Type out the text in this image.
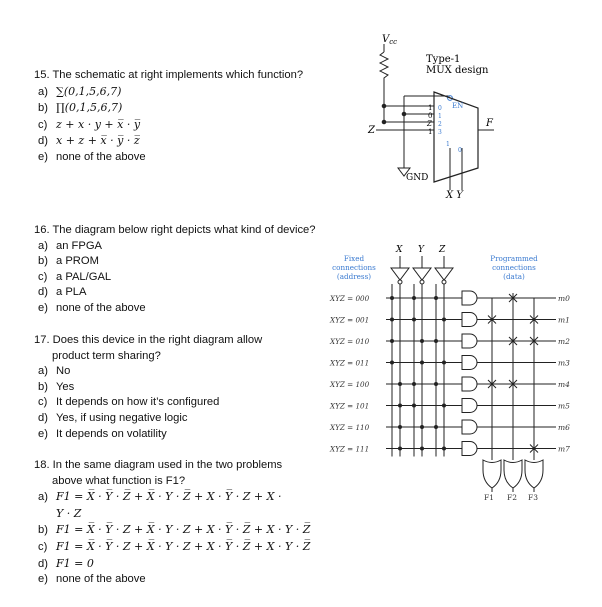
15. The schematic at right implements which function?
a) ∑(0,1,5,6,7)
b) ∏(0,1,5,6,7)
c) z + x · y + x̅ · y̅
d) x + z + x̅ · y̅ · z̅
e) none of the above
16. The diagram below right depicts what kind of device?
a) an FPGA
b) a PROM
c) a PAL/GAL
d) a PLA
e) none of the above
17. Does this device in the right diagram allow
product term sharing?
a) No
b) Yes
c) It depends on how it’s configured
d) Yes, if using negative logic
e) It depends on volatility
18. In the same diagram used in the two problems
above what function is F1?
a) F1 = X̅ · Y̅ · Z̅ + X̅ · Y · Z̅ + X · Y̅ · Z + X ·
Y · Z
b) F1 = X̅ · Y̅ · Z + X̅ · Y · Z + X · Y̅ · Z̅ + X · Y · Z̅
c) F1 = X̅ · Y̅ · Z + X̅ · Y · Z + X · Y̅ · Z̅ + X · Y · Z̅
d) F1 = 0
e) none of the above
$V_{cc}$
Type-1
MUX design
EN
1
0
Z
1
0
1
2
3
1
0
Z
F
GND
X Y
X Y Z
Fixed
connections
(address)
Programmed
connections
(data)
XYZ = 000	m0
XYZ = 001	m1
XYZ = 010	m2
XYZ = 011	m3
XYZ = 100	m4
XYZ = 101	m5
XYZ = 110	m6
XYZ = 111	m7
F1 F2 F3
